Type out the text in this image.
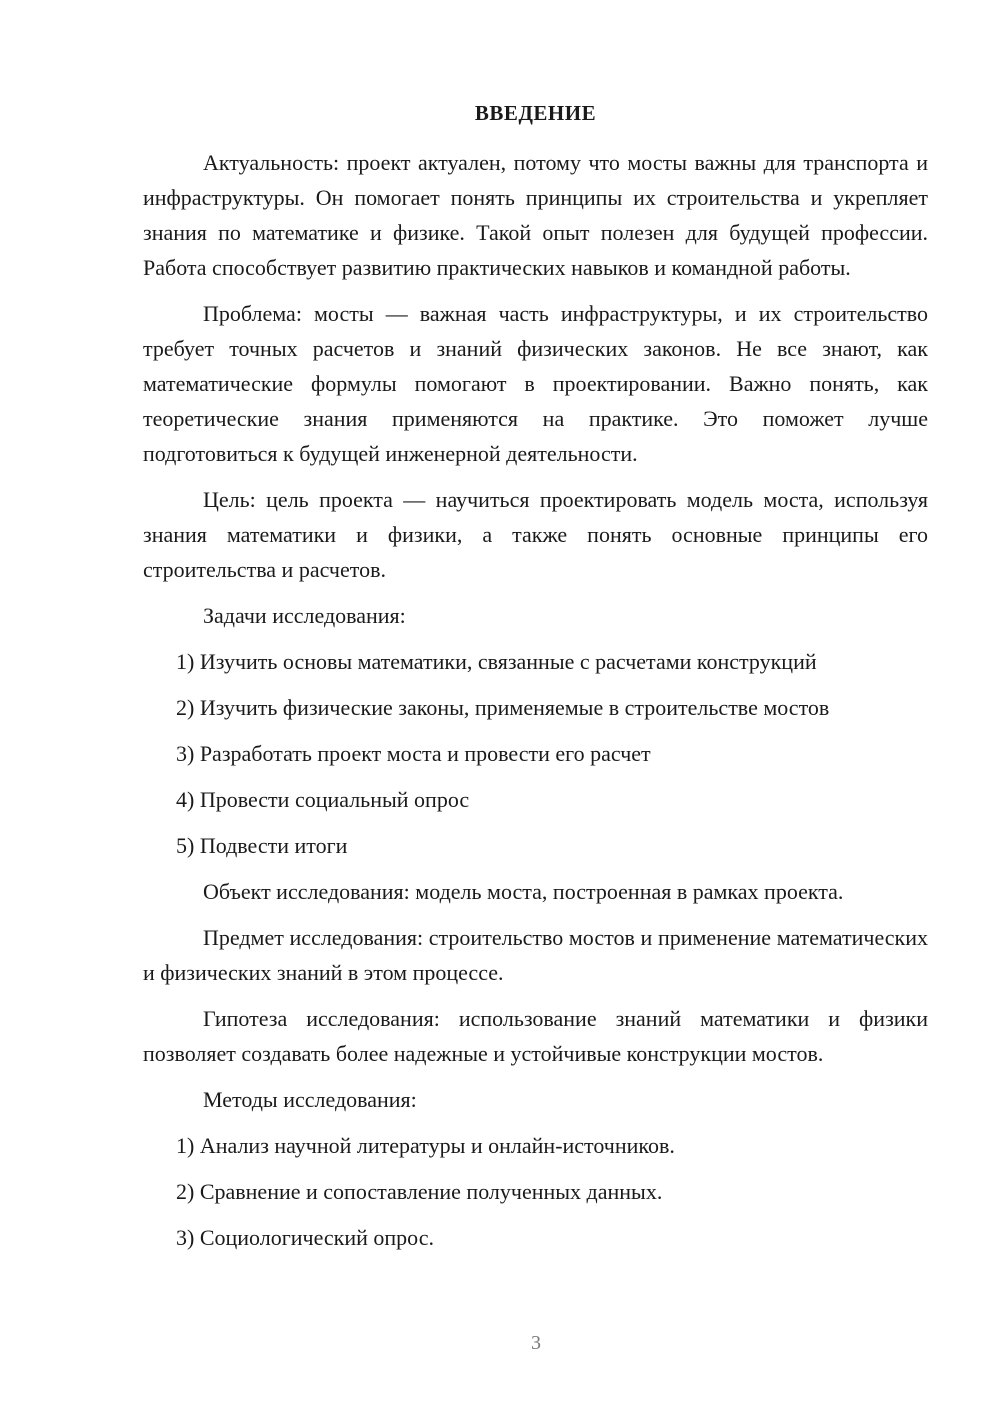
ВВЕДЕНИЕ

Актуальность: проект актуален, потому что мосты важны для транспорта и инфраструктуры. Он помогает понять принципы их строительства и укрепляет знания по математике и физике. Такой опыт полезен для будущей профессии. Работа способствует развитию практических навыков и командной работы.

Проблема: мосты — важная часть инфраструктуры, и их строительство требует точных расчетов и знаний физических законов. Не все знают, как математические формулы помогают в проектировании. Важно понять, как теоретические знания применяются на практике. Это поможет лучше подготовиться к будущей инженерной деятельности.

Цель: цель проекта — научиться проектировать модель моста, используя знания математики и физики, а также понять основные принципы его строительства и расчетов.

Задачи исследования:

1) Изучить основы математики, связанные с расчетами конструкций

2) Изучить физические законы, применяемые в строительстве мостов

3) Разработать проект моста и провести его расчет

4) Провести социальный опрос

5) Подвести итоги

Объект исследования: модель моста, построенная в рамках проекта.

Предмет исследования: строительство мостов и применение математических и физических знаний в этом процессе.

Гипотеза исследования: использование знаний математики и физики позволяет создавать более надежные и устойчивые конструкции мостов.

Методы исследования:

1) Анализ научной литературы и онлайн-источников.

2) Сравнение и сопоставление полученных данных.

3) Социологический опрос.

3
